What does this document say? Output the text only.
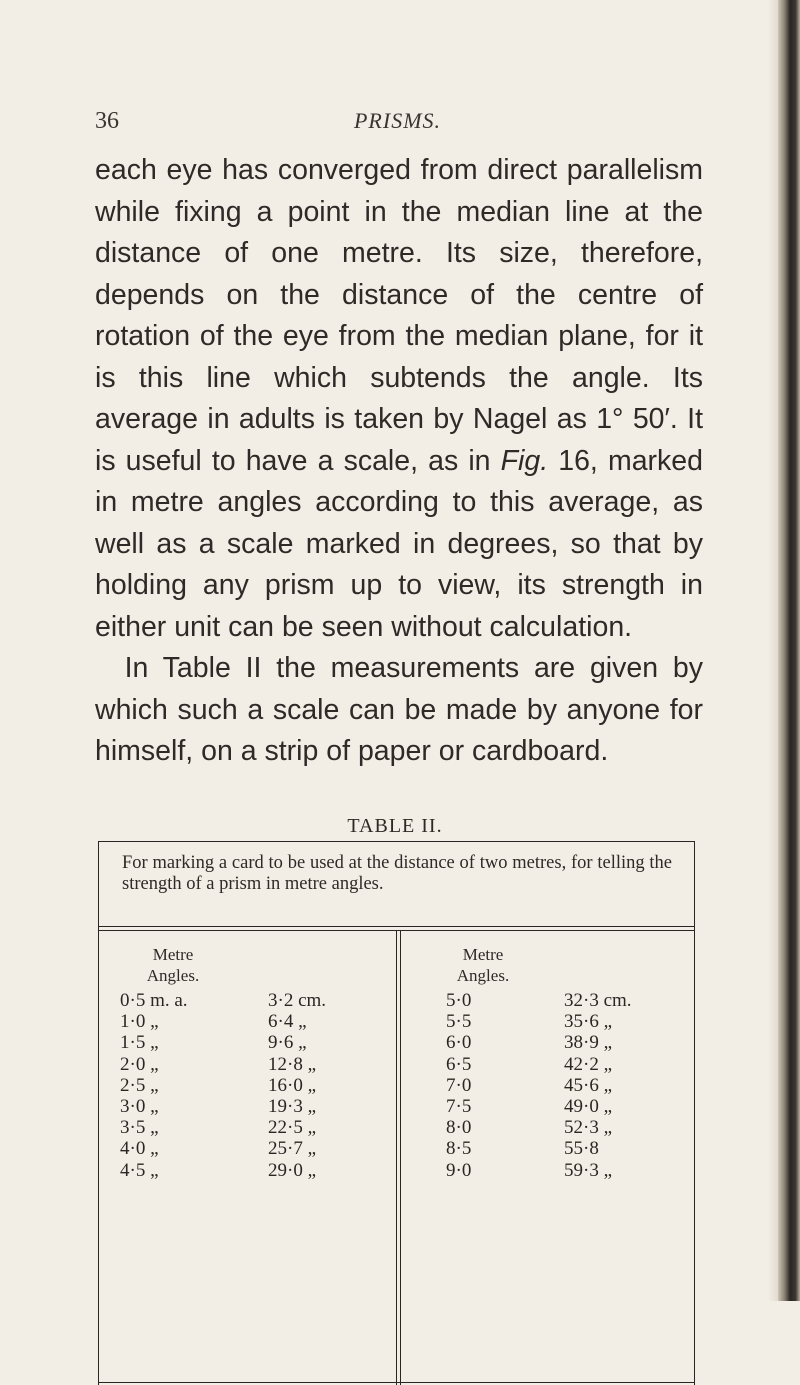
36	PRISMS.

each eye has converged from direct parallelism while fixing a point in the median line at the distance of one metre. Its size, therefore, depends on the distance of the centre of rotation of the eye from the median plane, for it is this line which subtends the angle. Its average in adults is taken by Nagel as 1° 50′. It is useful to have a scale, as in Fig. 16, marked in metre angles according to this average, as well as a scale marked in degrees, so that by holding any prism up to view, its strength in either unit can be seen without calculation.

In Table II the measurements are given by which such a scale can be made by anyone for himself, on a strip of paper or cardboard.

TABLE II.
For marking a card to be used at the distance of two metres, for telling the strength of a prism in metre angles.
Metre
Angles.
Metre
Angles.
0·5 m. a.
1·0 „
1·5 „
2·0 „
2·5 „
3·0 „
3·5 „
4·0 „
4·5 „
3·2 cm.
6·4 „
9·6 „
12·8 „
16·0 „
19·3 „
22·5 „
25·7 „
29·0 „
5·0
5·5
6·0
6·5
7·0
7·5
8·0
8·5
9·0
32·3 cm.
35·6 „
38·9 „
42·2 „
45·6 „
49·0 „
52·3 „
55·8
59·3 „
